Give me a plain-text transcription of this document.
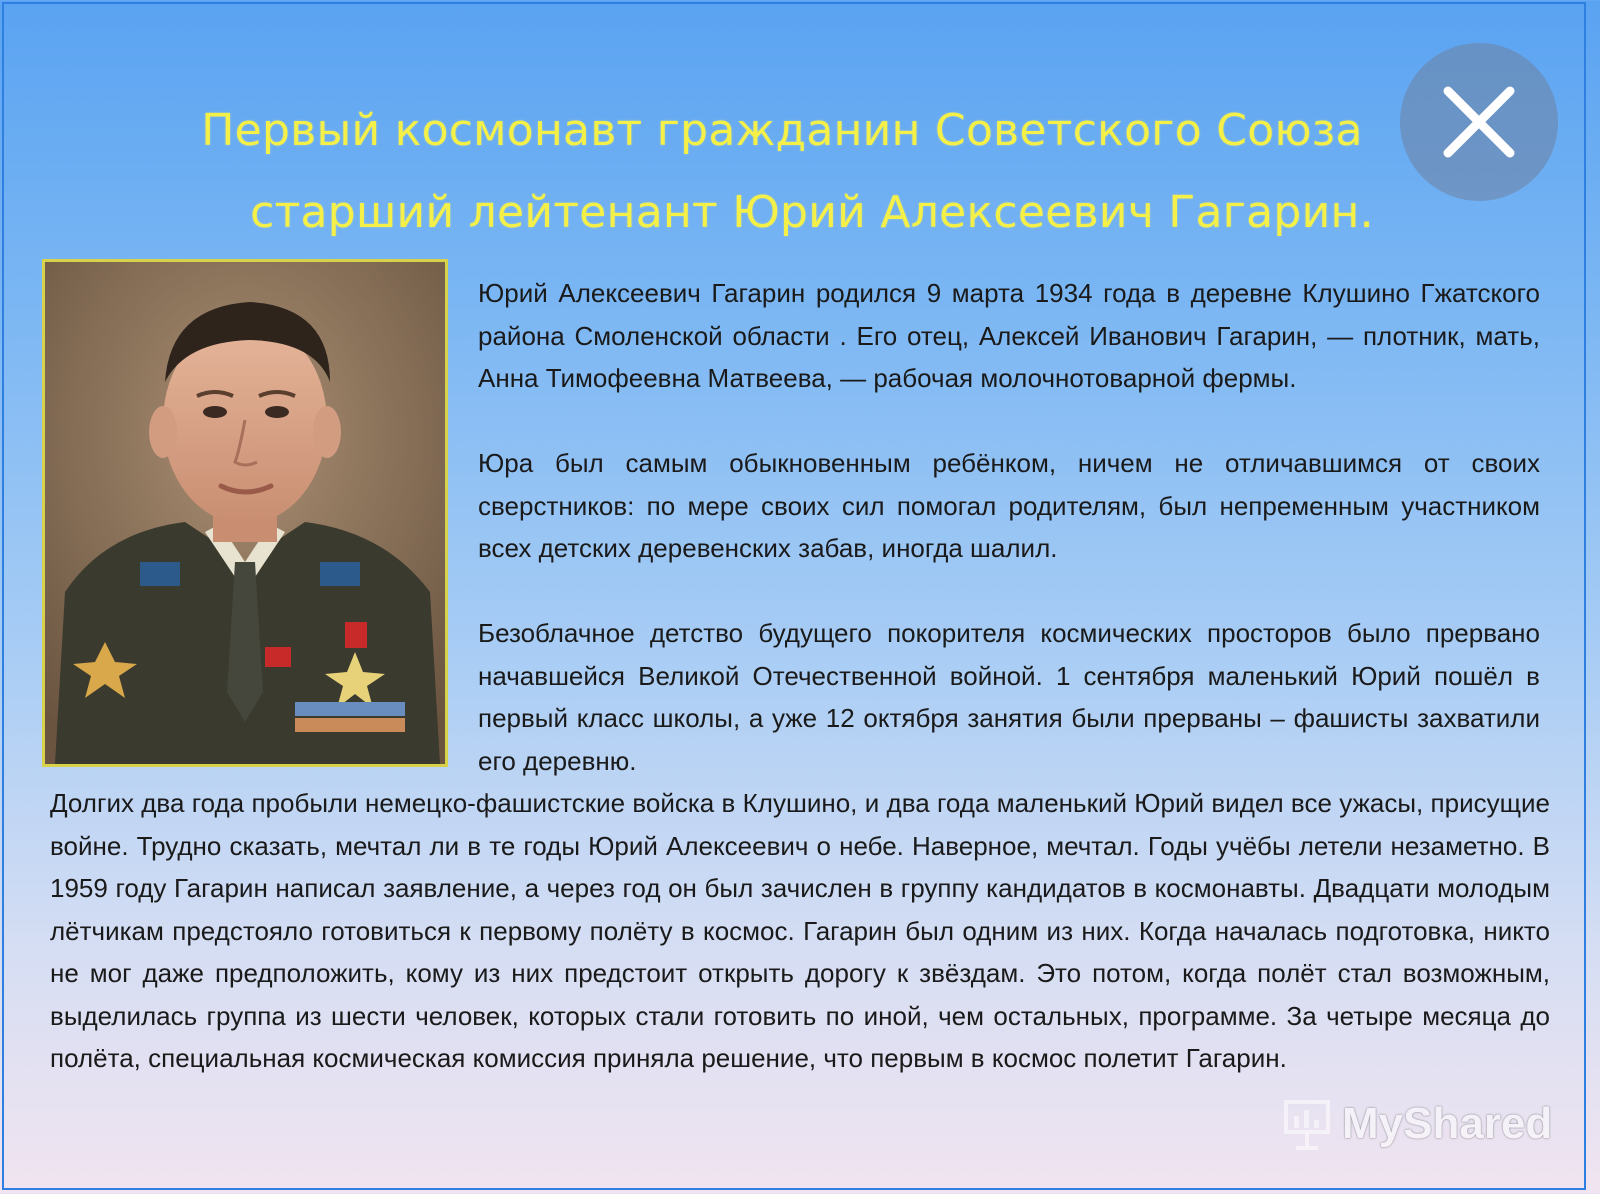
Первый космонавт гражданин Советского Союза
старший лейтенант Юрий Алексеевич Гагарин.

Юрий Алексеевич Гагарин родился 9 марта 1934 года в деревне Клушино Гжатского района Смоленской области . Его отец, Алексей Иванович Гагарин, — плотник, мать, Анна Тимофеевна Матвеева, — рабочая молочнотоварной фермы.

Юра был самым обыкновенным ребёнком, ничем не отличавшимся от своих сверстников: по мере своих сил помогал родителям, был непременным участником всех детских деревенских забав, иногда шалил.

Безоблачное детство будущего покорителя космических просторов было прервано начавшейся Великой Отечественной войной. 1 сентября маленький Юрий пошёл в первый класс школы, а уже 12 октября занятия были прерваны – фашисты захватили его деревню.

Долгих два года пробыли немецко-фашистские войска в Клушино, и два года маленький Юрий видел все ужасы, присущие войне. Трудно сказать, мечтал ли в те годы Юрий Алексеевич о небе. Наверное, мечтал. Годы учёбы летели незаметно. В 1959 году Гагарин написал заявление, а через год он был зачислен в группу кандидатов в космонавты. Двадцати молодым лётчикам предстояло готовиться к первому полёту в космос. Гагарин был одним из них. Когда началась подготовка, никто не мог даже предположить, кому из них предстоит открыть дорогу к звёздам. Это потом, когда полёт стал возможным, выделилась группа из шести человек, которых стали готовить по иной, чем остальных, программе. За четыре месяца до полёта, специальная космическая комиссия приняла решение, что первым в космос полетит Гагарин.

MyShared
